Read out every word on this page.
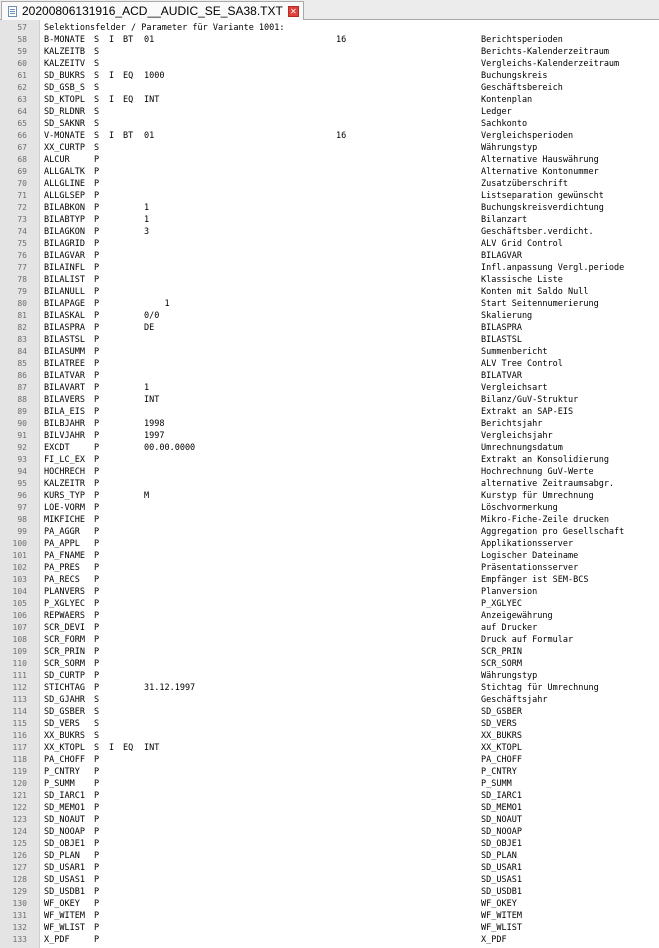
20200806131916_ACD__AUDIC_SE_SA38.TXT ✕
57 Selektionsfelder / Parameter für Variante 1001:
58 B-MONATE S I BT 01	16	Berichtsperioden
59 KALZEITB S	Berichts-Kalenderzeitraum
60 KALZEITV S	Vergleichs-Kalenderzeitraum
61 SD_BUKRS S I EQ 1000	Buchungskreis
62 SD_GSB_S S	Geschäftsbereich
63 SD_KTOPL S I EQ INT	Kontenplan
64 SD_RLDNR S	Ledger
65 SD_SAKNR S	Sachkonto
66 V-MONATE S I BT 01	16	Vergleichsperioden
67 XX_CURTP S	Währungstyp
68 ALCUR	P	Alternative Hauswährung
69 ALLGALTK P	Alternative Kontonummer
70 ALLGLINE P	Zusatzüberschrift
71 ALLGLSEP P	Listseparation gewünscht
72 BILABKON P	1	Buchungskreisverdichtung
73 BILABTYP P	1	Bilanzart
74 BILAGKON P	3	Geschäftsber.verdicht.
75 BILAGRID P	ALV Grid Control
76 BILAGVAR P	BILAGVAR
77 BILAINFL P	Infl.anpassung Vergl.periode
78 BILALIST P	Klassische Liste
79 BILANULL P	Konten mit Saldo Null
80 BILAPAGE P	1	Start Seitennumerierung
81 BILASKAL P	0/0	Skalierung
82 BILASPRA P	DE	BILASPRA
83 BILASTSL P	BILASTSL
84 BILASUMM P	Summenbericht
85 BILATREE P	ALV Tree Control
86 BILATVAR P	BILATVAR
87 BILAVART P	1	Vergleichsart
88 BILAVERS P	INT	Bilanz/GuV-Struktur
89 BILA_EIS P	Extrakt an SAP-EIS
90 BILBJAHR P	1998	Berichtsjahr
91 BILVJAHR P	1997	Vergleichsjahr
92 EXCDT	P	00.00.0000	Umrechnungsdatum
93 FI_LC_EX P	Extrakt an Konsolidierung
94 HOCHRECH P	Hochrechnung GuV-Werte
95 KALZEITR P	alternative Zeitraumsabgr.
96 KURS_TYP P	M	Kurstyp für Umrechnung
97 LOE-VORM P	Löschvormerkung
98 MIKFICHE P	Mikro-Fiche-Zeile drucken
99 PA_AGGR P	Aggregation pro Gesellschaft
100 PA_APPL P	Applikationsserver
101 PA_FNAME P	Logischer Dateiname
102 PA_PRES P	Präsentationsserver
103 PA_RECS P	Empfänger ist SEM-BCS
104 PLANVERS P	Planversion
105 P_XGLYEC P	P_XGLYEC
106 REPWAERS P	Anzeigewährung
107 SCR_DEVI P	auf Drucker
108 SCR_FORM P	Druck auf Formular
109 SCR_PRIN P	SCR_PRIN
110 SCR_SORM P	SCR_SORM
111 SD_CURTP P	Währungstyp
112 STICHTAG P	31.12.1997	Stichtag für Umrechnung
113 SD_GJAHR S	Geschäftsjahr
114 SD_GSBER S	SD_GSBER
115 SD_VERS S	SD_VERS
116 XX_BUKRS S	XX_BUKRS
117 XX_KTOPL S I EQ INT	XX_KTOPL
118 PA_CHOFF P	PA_CHOFF
119 P_CNTRY P	P_CNTRY
120 P_SUMM P	P_SUMM
121 SD_IARC1 P	SD_IARC1
122 SD_MEMO1 P	SD_MEMO1
123 SD_NOAUT P	SD_NOAUT
124 SD_NOOAP P	SD_NOOAP
125 SD_OBJE1 P	SD_OBJE1
126 SD_PLAN P	SD_PLAN
127 SD_USAR1 P	SD_USAR1
128 SD_USAS1 P	SD_USAS1
129 SD_USDB1 P	SD_USDB1
130 WF_OKEY P	WF_OKEY
131 WF_WITEM P	WF_WITEM
132 WF_WLIST P	WF_WLIST
133 X_PDF	P	X_PDF
